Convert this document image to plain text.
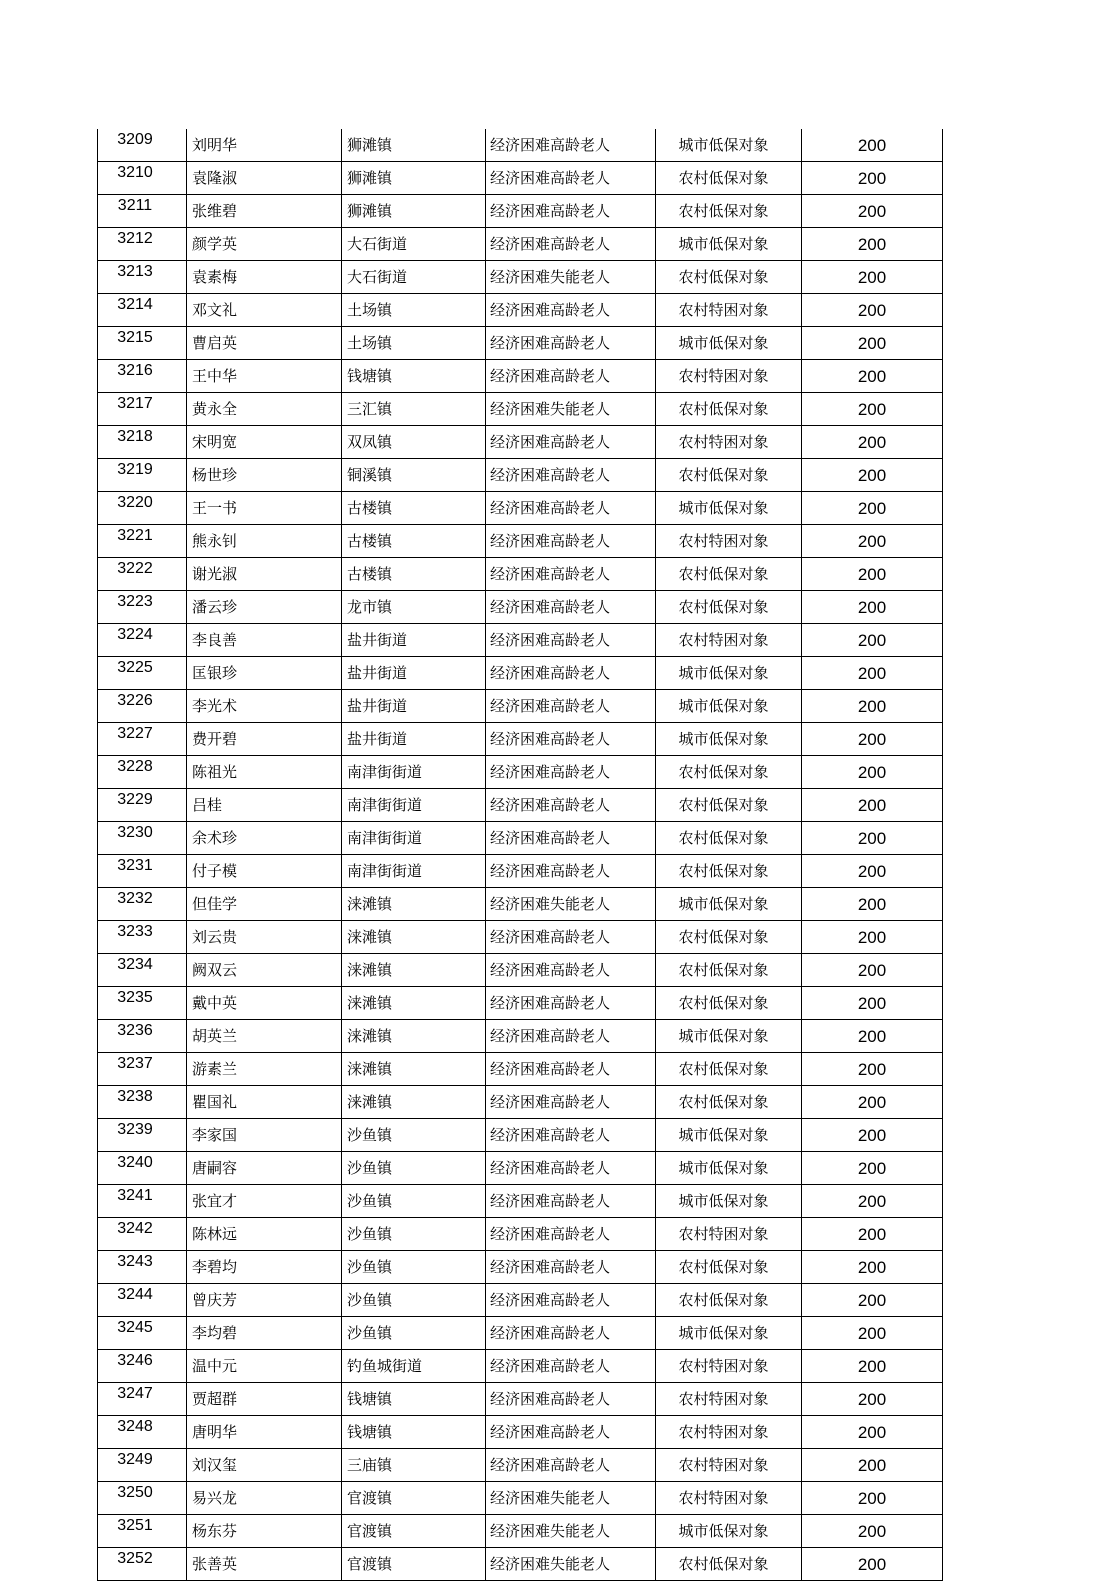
3209	刘明华	狮滩镇	经济困难高龄老人	城市低保对象	200
3210	袁隆淑	狮滩镇	经济困难高龄老人	农村低保对象	200
3211	张维碧	狮滩镇	经济困难高龄老人	农村低保对象	200
3212	颜学英	大石街道	经济困难高龄老人	城市低保对象	200
3213	袁素梅	大石街道	经济困难失能老人	农村低保对象	200
3214	邓文礼	土场镇	经济困难高龄老人	农村特困对象	200
3215	曹启英	土场镇	经济困难高龄老人	城市低保对象	200
3216	王中华	钱塘镇	经济困难高龄老人	农村特困对象	200
3217	黄永全	三汇镇	经济困难失能老人	农村低保对象	200
3218	宋明宽	双凤镇	经济困难高龄老人	农村特困对象	200
3219	杨世珍	铜溪镇	经济困难高龄老人	农村低保对象	200
3220	王一书	古楼镇	经济困难高龄老人	城市低保对象	200
3221	熊永钊	古楼镇	经济困难高龄老人	农村特困对象	200
3222	谢光淑	古楼镇	经济困难高龄老人	农村低保对象	200
3223	潘云珍	龙市镇	经济困难高龄老人	农村低保对象	200
3224	李良善	盐井街道	经济困难高龄老人	农村特困对象	200
3225	匡银珍	盐井街道	经济困难高龄老人	城市低保对象	200
3226	李光术	盐井街道	经济困难高龄老人	城市低保对象	200
3227	费开碧	盐井街道	经济困难高龄老人	城市低保对象	200
3228	陈祖光	南津街街道	经济困难高龄老人	农村低保对象	200
3229	吕桂	南津街街道	经济困难高龄老人	农村低保对象	200
3230	余术珍	南津街街道	经济困难高龄老人	农村低保对象	200
3231	付子模	南津街街道	经济困难高龄老人	农村低保对象	200
3232	但佳学	涞滩镇	经济困难失能老人	城市低保对象	200
3233	刘云贵	涞滩镇	经济困难高龄老人	农村低保对象	200
3234	阙双云	涞滩镇	经济困难高龄老人	农村低保对象	200
3235	戴中英	涞滩镇	经济困难高龄老人	农村低保对象	200
3236	胡英兰	涞滩镇	经济困难高龄老人	城市低保对象	200
3237	游素兰	涞滩镇	经济困难高龄老人	农村低保对象	200
3238	瞿国礼	涞滩镇	经济困难高龄老人	农村低保对象	200
3239	李家国	沙鱼镇	经济困难高龄老人	城市低保对象	200
3240	唐嗣容	沙鱼镇	经济困难高龄老人	城市低保对象	200
3241	张宜才	沙鱼镇	经济困难高龄老人	城市低保对象	200
3242	陈林远	沙鱼镇	经济困难高龄老人	农村特困对象	200
3243	李碧均	沙鱼镇	经济困难高龄老人	农村低保对象	200
3244	曾庆芳	沙鱼镇	经济困难高龄老人	农村低保对象	200
3245	李均碧	沙鱼镇	经济困难高龄老人	城市低保对象	200
3246	温中元	钓鱼城街道	经济困难高龄老人	农村特困对象	200
3247	贾超群	钱塘镇	经济困难高龄老人	农村特困对象	200
3248	唐明华	钱塘镇	经济困难高龄老人	农村特困对象	200
3249	刘汉玺	三庙镇	经济困难高龄老人	农村特困对象	200
3250	易兴龙	官渡镇	经济困难失能老人	农村特困对象	200
3251	杨东芬	官渡镇	经济困难失能老人	城市低保对象	200
3252	张善英	官渡镇	经济困难失能老人	农村低保对象	200
